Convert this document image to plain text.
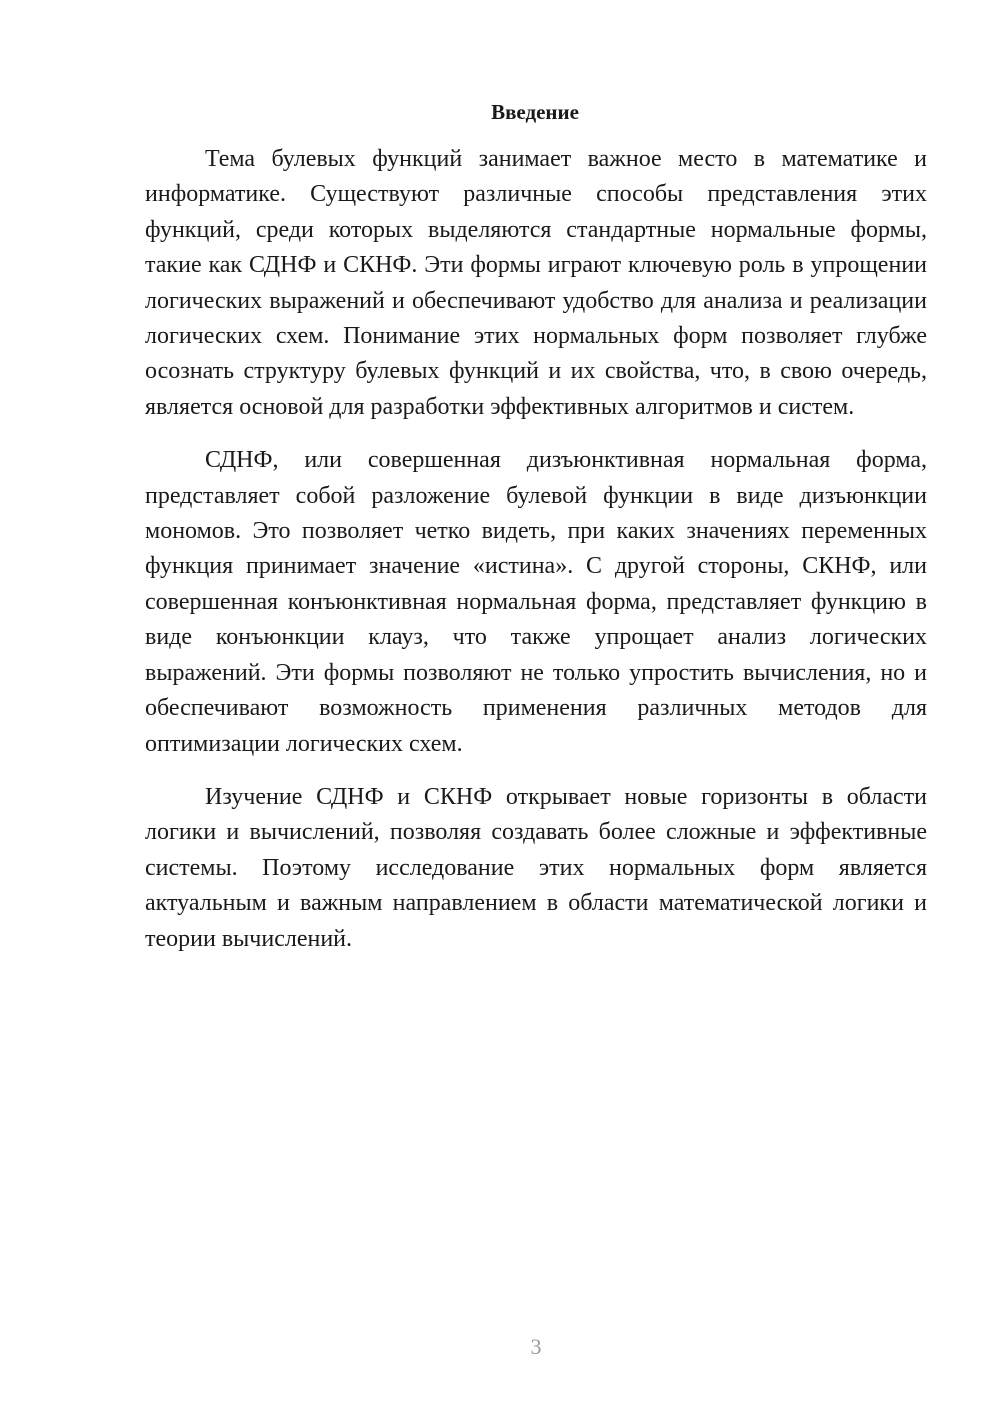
Введение

Тема булевых функций занимает важное место в математике и информатике. Существуют различные способы представления этих функций, среди которых выделяются стандартные нормальные формы, такие как СДНФ и СКНФ. Эти формы играют ключевую роль в упрощении логических выражений и обеспечивают удобство для анализа и реализации логических схем. Понимание этих нормальных форм позволяет глубже осознать структуру булевых функций и их свойства, что, в свою очередь, является основой для разработки эффективных алгоритмов и систем.

СДНФ, или совершенная дизъюнктивная нормальная форма, представляет собой разложение булевой функции в виде дизъюнкции мономов. Это позволяет четко видеть, при каких значениях переменных функция принимает значение «истина». С другой стороны, СКНФ, или совершенная конъюнктивная нормальная форма, представляет функцию в виде конъюнкции клауз, что также упрощает анализ логических выражений. Эти формы позволяют не только упростить вычисления, но и обеспечивают возможность применения различных методов для оптимизации логических схем.

Изучение СДНФ и СКНФ открывает новые горизонты в области логики и вычислений, позволяя создавать более сложные и эффективные системы. Поэтому исследование этих нормальных форм является актуальным и важным направлением в области математической логики и теории вычислений.

3
